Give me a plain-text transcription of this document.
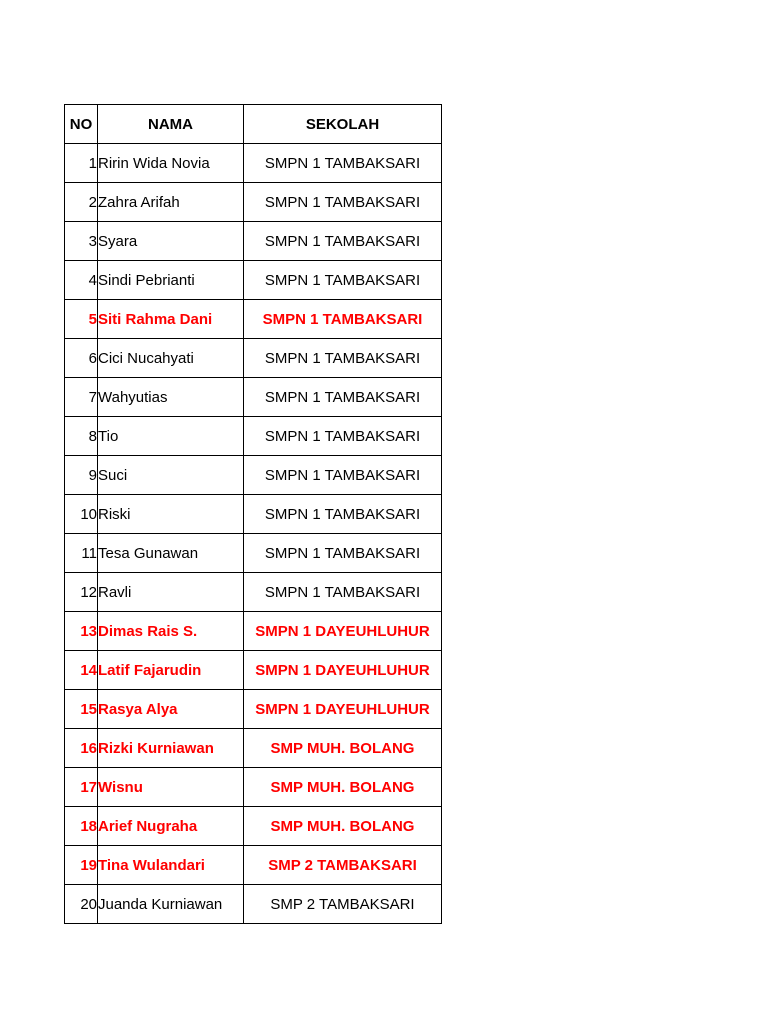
NO	NAMA	SEKOLAH
1	Ririn Wida Novia	SMPN 1 TAMBAKSARI
2	Zahra Arifah	SMPN 1 TAMBAKSARI
3	Syara	SMPN 1 TAMBAKSARI
4	Sindi Pebrianti	SMPN 1 TAMBAKSARI
5	Siti Rahma Dani	SMPN 1 TAMBAKSARI
6	Cici Nucahyati	SMPN 1 TAMBAKSARI
7	Wahyutias	SMPN 1 TAMBAKSARI
8	Tio	SMPN 1 TAMBAKSARI
9	Suci	SMPN 1 TAMBAKSARI
10	Riski	SMPN 1 TAMBAKSARI
11	Tesa Gunawan	SMPN 1 TAMBAKSARI
12	Ravli	SMPN 1 TAMBAKSARI
13	Dimas Rais S.	SMPN 1 DAYEUHLUHUR
14	Latif Fajarudin	SMPN 1 DAYEUHLUHUR
15	Rasya Alya	SMPN 1 DAYEUHLUHUR
16	Rizki Kurniawan	SMP MUH. BOLANG
17	Wisnu	SMP MUH. BOLANG
18	Arief Nugraha	SMP MUH. BOLANG
19	Tina Wulandari	SMP 2 TAMBAKSARI
20	Juanda Kurniawan	SMP 2 TAMBAKSARI
